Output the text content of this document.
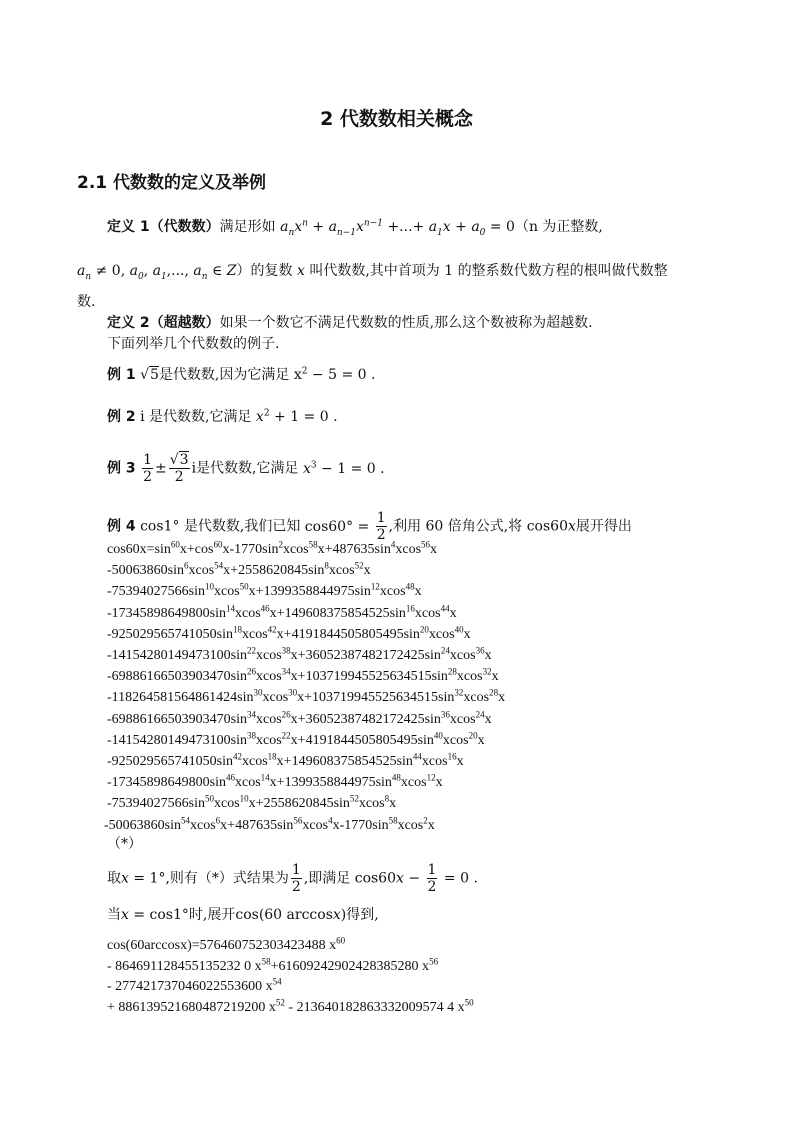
2 代数数相关概念
2.1 代数数的定义及举例

定义 1（代数数）满足形如 $a_nx^n + a_{n-1}x^{n-1}$ +...+ $a_1x + a_0 = 0(n$ 为正整数,

$a_n \ne 0$, $a_0$, $a_1$,..., $a_n$ ∈ Z）的复数 x 叫代数数,其中首项为 1 的整系数代数方程的根叫做代数整

数.

定义 2（超越数）如果一个数它不满足代数数的性质,那么这个数被称为超越数.

下面列举几个代数数的例子.

例 1 √5是代数数,因为它满足 $x^2 - 5 = 0$ .

例 2 i 是代数数,它满足 $x^2 + 1 = 0$ .

例 $3 \frac{1}{2} \pm \frac{√3}{2}$ i是代数数,它满足 $x^3 - 1 = 0$ .

例 4 cos1° 是代数数,我们已知 $\cos 60^\circ = \frac{1}{2}$ ,利用 60 倍角公式,将 cos60x展开得出

$\cos 60x=\sin^{60}x+\cos^{60}x-1770\sin^2xcos^{58}x+487635\sin^4xcos^{56}x$
$-50063860\sin^6xcos^{54}x+2558620845\sin^8xcos^{52}x$
$-75394027566\sin^{10}xcos^{50}x+1399358844975\sin^{12}xcos^{48}x$
$-17345898649800\sin^{14}xcos^{46}x+149608375854525\sin^{16}xcos^{44}x$
$-925029565741050\sin^{18}xcos^{42}x+4191844505805495\sin^{20}xcos^{40}x$
$-14154280149473100\sin^{22}xcos^{38}x+36052387482172425\sin^{24}xcos^{36}x$
$-69886166503903470\sin^{26}xcos^{34}x+103719945525634515\sin^{28}xcos^{32}x$
$-118264581564861424\sin^{30}xcos^{30}x+103719945525634515\sin^{32}xcos^{28}x$
$-69886166503903470\sin^{34}xcos^{26}x+36052387482172425\sin^{36}xcos^{24}x$
$-14154280149473100\sin^{38}xcos^{22}x+4191844505805495\sin^{40}xcos^{20}x$
$-925029565741050\sin^{42}xcos^{18}x+149608375854525\sin^{44}xcos^{16}x$
$-17345898649800\sin^{46}xcos^{14}x+1399358844975\sin^{48}xcos^{12}x$
$-75394027566\sin^{50}xcos^{10}x+2558620845\sin^{52}xcos^8x$
$-50063860\sin^{54}xcos^6x+487635\sin^{56}xcos^4x-1770\sin^{58}xcos^2x$

（*）

取x = 1°,则有（*）式结果为 $\frac{1}{2}$ ,即满足 $\cos 60x - \frac{1}{2} = 0$ .

当x = cos1°时,展开cos(60 arccosx)得到,

cos(60arccosx)=576460752303423488 $x^{60}$
- 864691128455135232 0 $x^{58}+61609242902428385280$ $x^{56}$
- 277421737046022553600 $x^{54}$
+ 886139521680487219200 $x^{52} - 213640182863332009574$ 4 $x^{50}$
